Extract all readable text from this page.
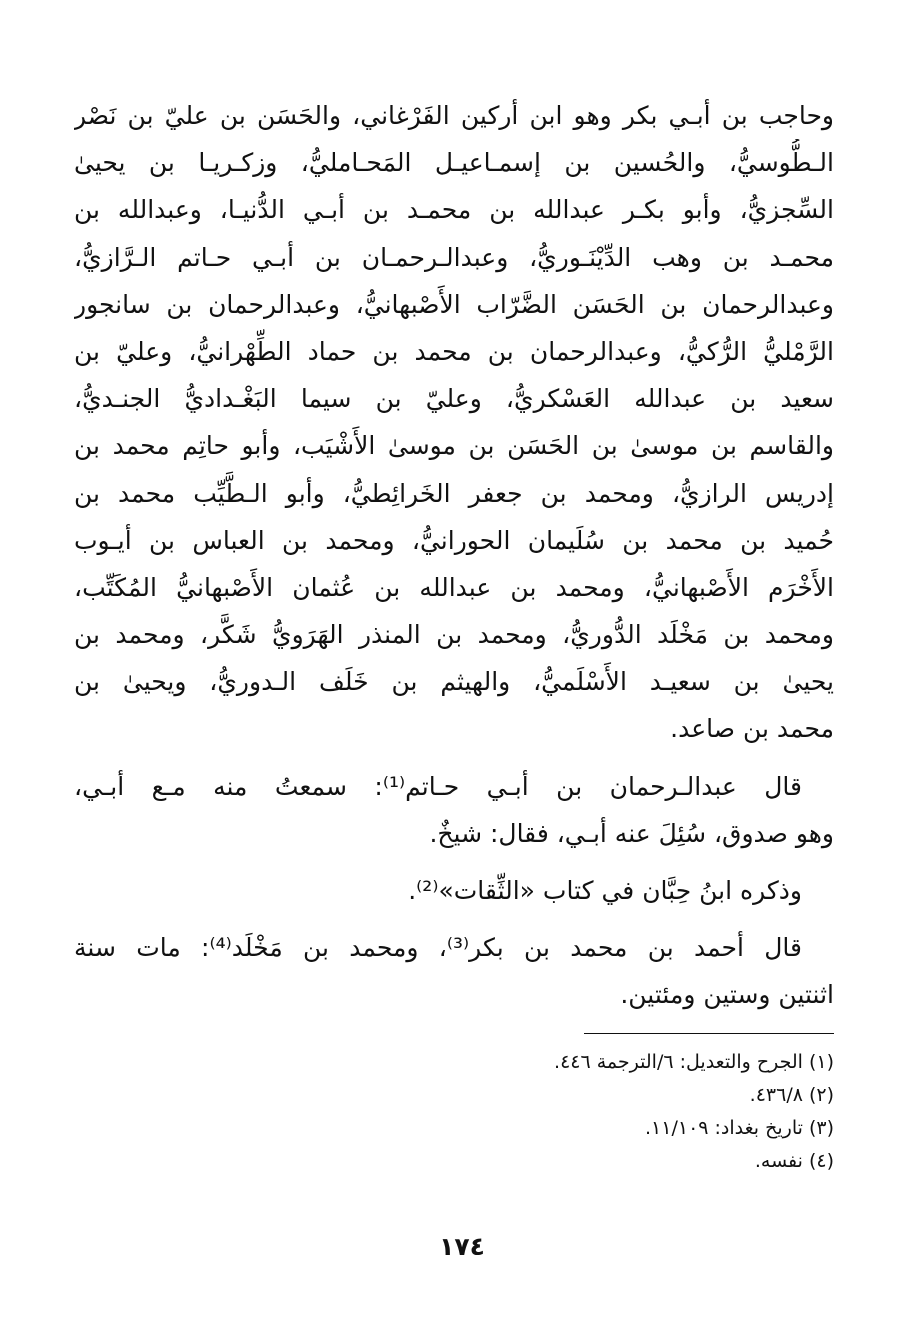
وحاجب بن أبـي بكر وهو ابن أركين الفَرْغاني، والحَسَن بن عليّ بن نَصْر
الـطُّوسيُّ، والحُسين بن إسمـاعيـل المَحـامليُّ، وزكـريـا بن يحيىٰ
السِّجزيُّ، وأبو بكـر عبدالله بن محمـد بن أبـي الدُّنيـا، وعبدالله بن
محمـد بن وهب الدِّيْنَـوريُّ، وعبدالـرحمـان بن أبـي حـاتم الـرَّازيُّ،
وعبدالرحمان بن الحَسَن الضَّرّاب الأَصْبهانيُّ، وعبدالرحمان بن سانجور
الرَّمْليُّ الرُّكيُّ، وعبدالرحمان بن محمد بن حماد الطِّهْرانيُّ، وعليّ بن
سعيد بن عبدالله العَسْكريُّ، وعليّ بن سيما البَغْـداديُّ الجنـديُّ،
والقاسم بن موسىٰ بن الحَسَن بن موسىٰ الأَشْيَب، وأبو حاتِم محمد بن
إدريس الرازيُّ، ومحمد بن جعفر الخَرائِطيُّ، وأبو الـطَّيِّب محمد بن
حُميد بن محمد بن سُلَيمان الحورانيُّ، ومحمد بن العباس بن أيـوب
الأَخْرَم الأَصْبهانيُّ، ومحمد بن عبدالله بن عُثمان الأَصْبهانيُّ المُكَتِّب،
ومحمد بن مَخْلَد الدُّوريُّ، ومحمد بن المنذر الهَرَويُّ شَكَّر، ومحمد بن
يحيىٰ بن سعيـد الأَسْلَميُّ، والهيثم بن خَلَف الـدوريُّ، ويحيىٰ بن
محمد بن صاعد.
قال عبدالـرحمان بن أبـي حـاتم⁽¹⁾: سمعتُ منه مـع أبـي،
وهو صدوق، سُئِلَ عنه أبـي، فقال: شيخٌ.
وذكره ابنُ حِبَّان في كتاب «الثِّقات»⁽²⁾.
قال أحمد بن محمد بن بكر⁽³⁾، ومحمد بن مَخْلَد⁽⁴⁾: مات سنة
اثنتين وستين ومئتين.
(١)الجرح والتعديل: ٦/الترجمة ٤٤٦.
(٢)٤٣٦/٨.
(٣)تاريخ بغداد: ١١/١٠٩.
(٤)نفسه.
١٧٤
